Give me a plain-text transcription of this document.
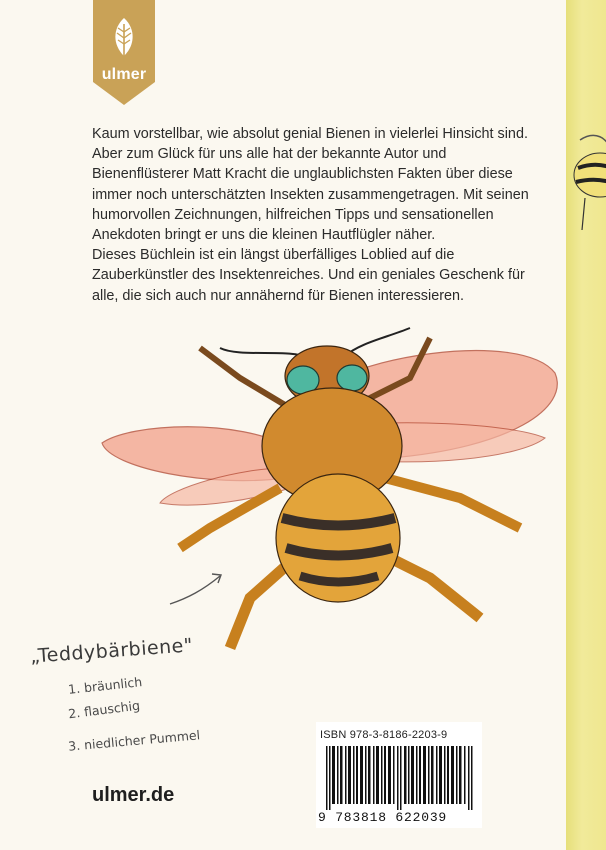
ulmer

Kaum vorstellbar, wie absolut genial Bienen in vielerlei Hinsicht sind. Aber zum Glück für uns alle hat der bekannte Autor und Bienenflüsterer Matt Kracht die unglaublichsten Fakten über diese immer noch unterschätzten Insekten zusammengetragen. Mit seinen humorvollen Zeichnungen, hilfreichen Tipps und sensationellen Anekdoten bringt er uns die kleinen Hautflügler näher.

Dieses Büchlein ist ein längst überfälliges Loblied auf die Zauberkünstler des Insektenreiches. Und ein geniales Geschenk für alle, die sich auch nur annähernd für Bienen interessieren.

„Teddybärbiene"
1. bräunlich
2. flauschig
3. niedlicher Pummel
ulmer.de
ISBN 978-3-8186-2203-9
9 783818 622039
